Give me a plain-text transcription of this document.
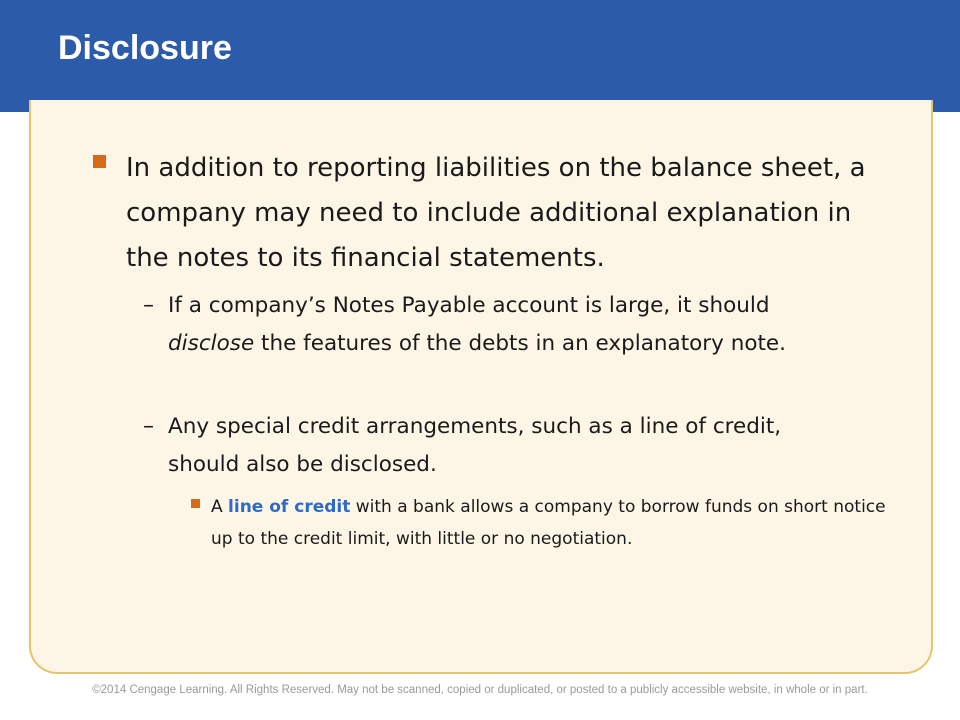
Disclosure
In addition to reporting liabilities on the balance sheet, a company may need to include additional explanation in the notes to its financial statements.
– If a company’s Notes Payable account is large, it should disclose the features of the debts in an explanatory note.
– Any special credit arrangements, such as a line of credit, should also be disclosed.
A line of credit with a bank allows a company to borrow funds on short notice up to the credit limit, with little or no negotiation.
©2014 Cengage Learning. All Rights Reserved. May not be scanned, copied or duplicated, or posted to a publicly accessible website, in whole or in part.
